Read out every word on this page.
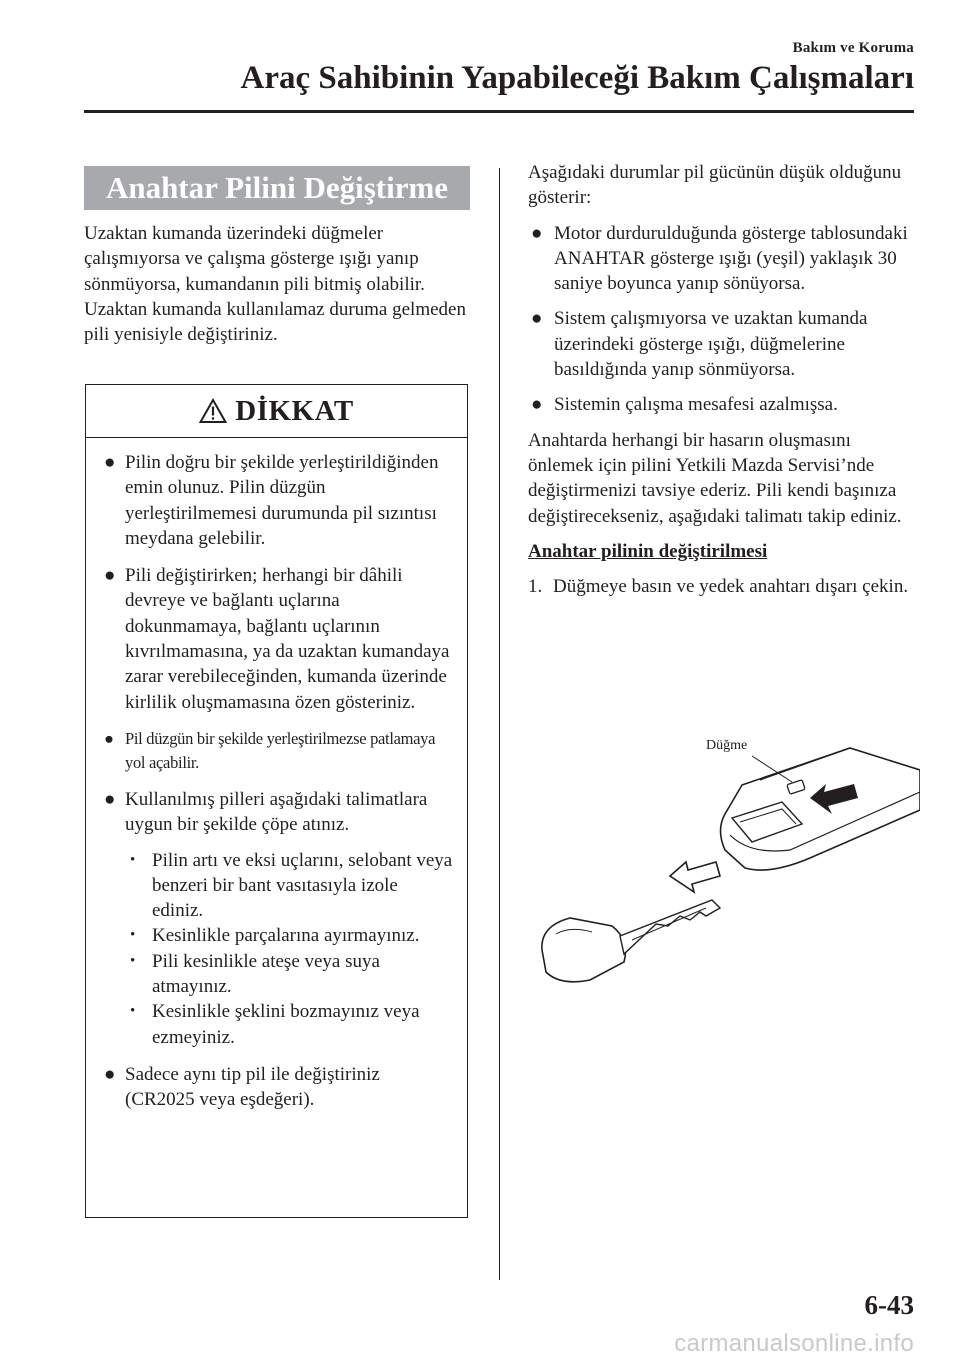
Bakım ve Koruma
Araç Sahibinin Yapabileceği Bakım Çalışmaları
Anahtar Pilini Değiştirme

Uzaktan kumanda üzerindeki düğmeler çalışmıyorsa ve çalışma gösterge ışığı yanıp sönmüyorsa, kumandanın pili bitmiş olabilir.

Uzaktan kumanda kullanılamaz duruma gelmeden pili yenisiyle değiştiriniz.

DİKKAT
● Pilin doğru bir şekilde yerleştirildiğinden emin olunuz. Pilin düzgün yerleştirilmemesi durumunda pil sızıntısı meydana gelebilir.
● Pili değiştirirken; herhangi bir dâhili devreye ve bağlantı uçlarına dokunmamaya, bağlantı uçlarının kıvrılmamasına, ya da uzaktan kumandaya zarar verebileceğinden, kumanda üzerinde kirlilik oluşmamasına özen gösteriniz.
● Pil düzgün bir şekilde yerleştirilmezse patlamaya yol açabilir.
● Kullanılmış pilleri aşağıdaki talimatlara uygun bir şekilde çöpe atınız.
• Pilin artı ve eksi uçlarını, selobant veya benzeri bir bant vasıtasıyla izole ediniz.
• Kesinlikle parçalarına ayırmayınız.
• Pili kesinlikle ateşe veya suya atmayınız.
• Kesinlikle şeklini bozmayınız veya ezmeyiniz.
● Sadece aynı tip pil ile değiştiriniz (CR2025 veya eşdeğeri).

Aşağıdaki durumlar pil gücünün düşük olduğunu gösterir:

● Motor durdurulduğunda gösterge tablosundaki ANAHTAR gösterge ışığı (yeşil) yaklaşık 30 saniye boyunca yanıp sönüyorsa.
● Sistem çalışmıyorsa ve uzaktan kumanda üzerindeki gösterge ışığı, düğmelerine basıldığında yanıp sönmüyorsa.
● Sistemin çalışma mesafesi azalmışsa.

Anahtarda herhangi bir hasarın oluşmasını önlemek için pilini Yetkili Mazda Servisi’nde değiştirmenizi tavsiye ederiz. Pili kendi başınıza değiştirecekseniz, aşağıdaki talimatı takip ediniz.

Anahtar pilinin değiştirilmesi
1. Düğmeye basın ve yedek anahtarı dışarı çekin.
Düğme
6-43
carmanualsonline.info
